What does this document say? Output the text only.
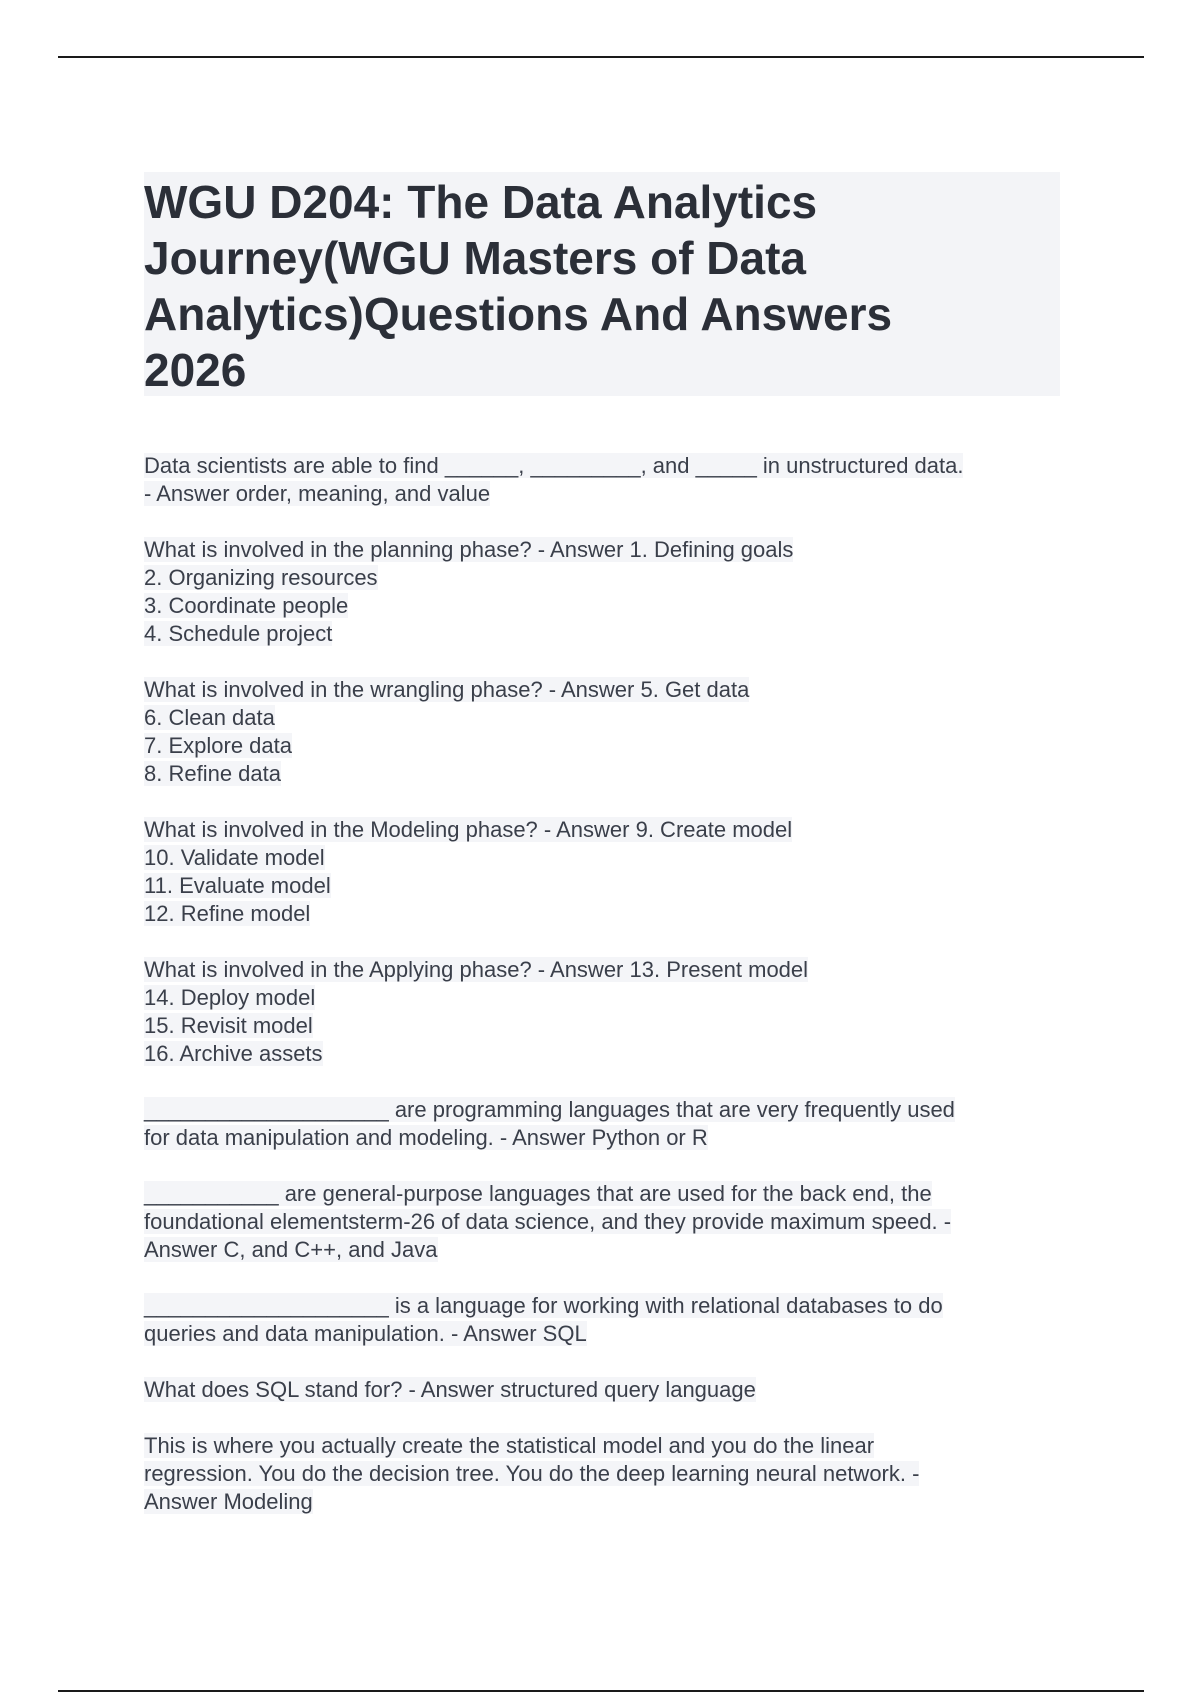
WGU D204: The Data Analytics
Journey(WGU Masters of Data
Analytics)Questions And Answers
2026

Data scientists are able to find ______, _________, and _____ in unstructured data.
- Answer order, meaning, and value

What is involved in the planning phase? - Answer 1. Defining goals
2. Organizing resources
3. Coordinate people
4. Schedule project

What is involved in the wrangling phase? - Answer 5. Get data
6. Clean data
7. Explore data
8. Refine data

What is involved in the Modeling phase? - Answer 9. Create model
10. Validate model
11. Evaluate model
12. Refine model

What is involved in the Applying phase? - Answer 13. Present model
14. Deploy model
15. Revisit model
16. Archive assets

____________________ are programming languages that are very frequently used
for data manipulation and modeling. - Answer Python or R

___________ are general-purpose languages that are used for the back end, the
foundational elementsterm-26 of data science, and they provide maximum speed. -
Answer C, and C++, and Java

____________________ is a language for working with relational databases to do
queries and data manipulation. - Answer SQL

What does SQL stand for? - Answer structured query language

This is where you actually create the statistical model and you do the linear
regression. You do the decision tree. You do the deep learning neural network. -
Answer Modeling
